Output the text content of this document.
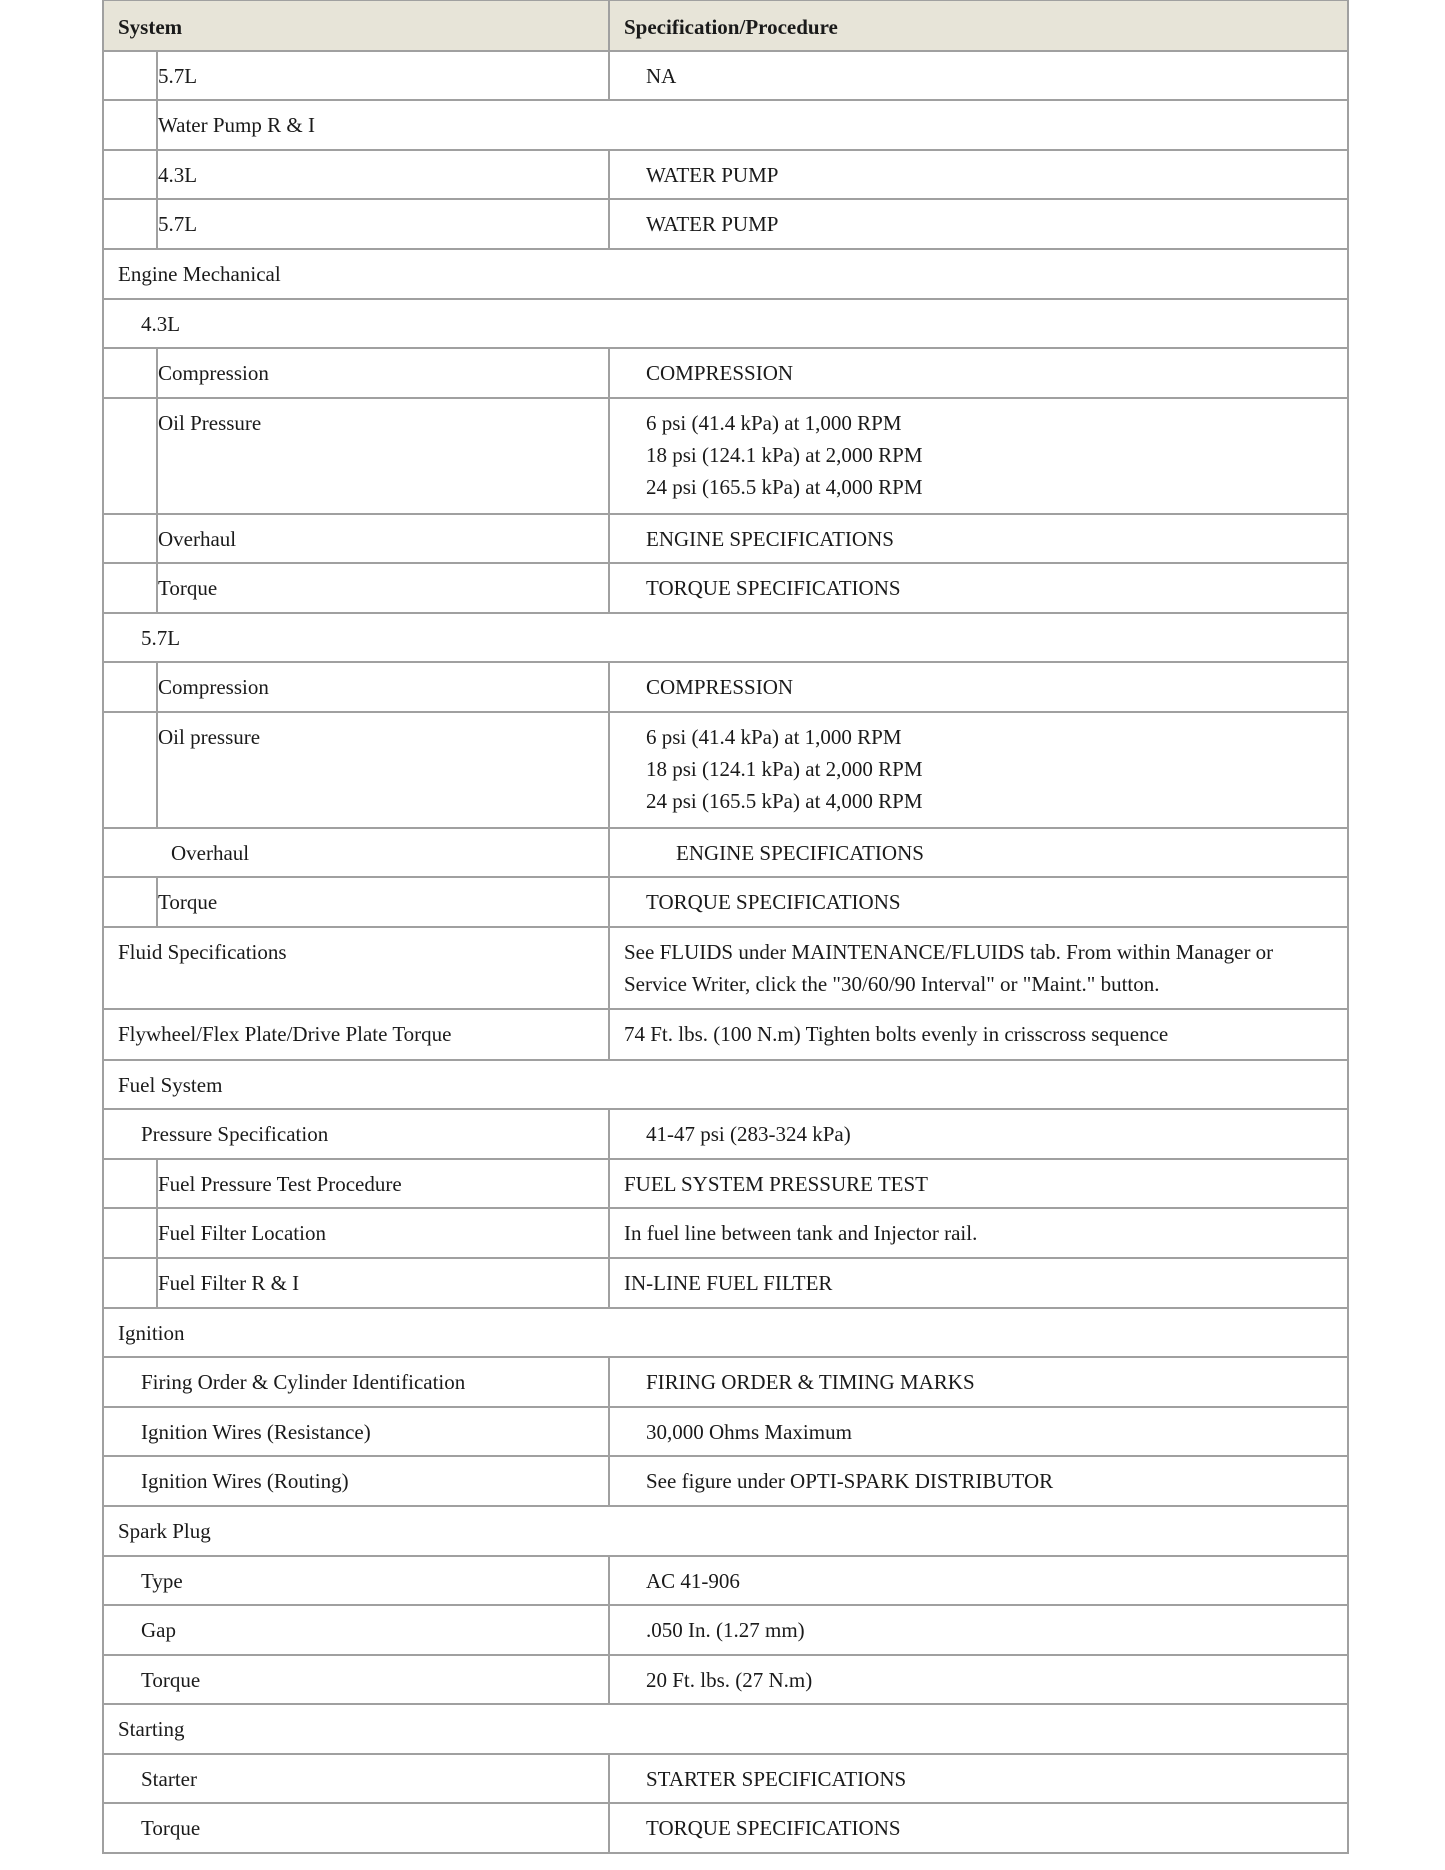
System	Specification/Procedure
5.7L	NA
Water Pump R & I
4.3L	WATER PUMP
5.7L	WATER PUMP
Engine Mechanical
4.3L
Compression	COMPRESSION
Oil Pressure	6 psi (41.4 kPa) at 1,000 RPM
18 psi (124.1 kPa) at 2,000 RPM
24 psi (165.5 kPa) at 4,000 RPM
Overhaul	ENGINE SPECIFICATIONS
Torque	TORQUE SPECIFICATIONS
5.7L
Compression	COMPRESSION
Oil pressure	6 psi (41.4 kPa) at 1,000 RPM
18 psi (124.1 kPa) at 2,000 RPM
24 psi (165.5 kPa) at 4,000 RPM
Overhaul	ENGINE SPECIFICATIONS
Torque	TORQUE SPECIFICATIONS
Fluid Specifications	See FLUIDS under MAINTENANCE/FLUIDS tab. From within Manager or
Service Writer, click the "30/60/90 Interval" or "Maint." button.
Flywheel/Flex Plate/Drive Plate Torque	74 Ft. lbs. (100 N.m) Tighten bolts evenly in crisscross sequence
Fuel System
Pressure Specification	41-47 psi (283-324 kPa)
Fuel Pressure Test Procedure	FUEL SYSTEM PRESSURE TEST
Fuel Filter Location	In fuel line between tank and Injector rail.
Fuel Filter R & I	IN-LINE FUEL FILTER
Ignition
Firing Order & Cylinder Identification	FIRING ORDER & TIMING MARKS
Ignition Wires (Resistance)	30,000 Ohms Maximum
Ignition Wires (Routing)	See figure under OPTI-SPARK DISTRIBUTOR
Spark Plug
Type	AC 41-906
Gap	.050 In. (1.27 mm)
Torque	20 Ft. lbs. (27 N.m)
Starting
Starter	STARTER SPECIFICATIONS
Torque	TORQUE SPECIFICATIONS
